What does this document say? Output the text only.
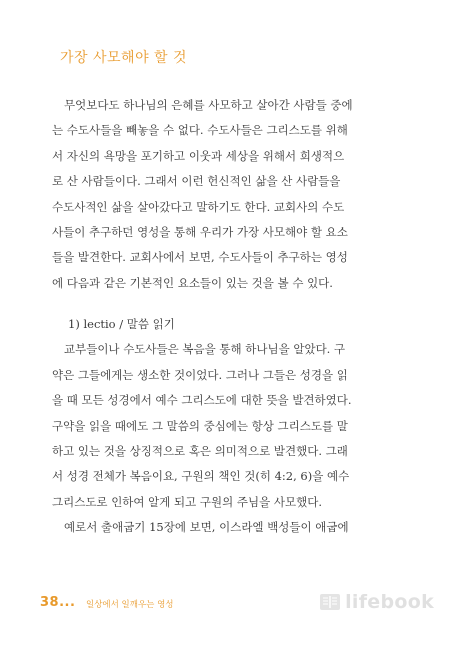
가장 사모해야 할 것
무엇보다도 하나님의 은혜를 사모하고 살아간 사람들 중에
는 수도사들을 빼놓을 수 없다. 수도사들은 그리스도를 위해
서 자신의 욕망을 포기하고 이웃과 세상을 위해서 희생적으
로 산 사람들이다. 그래서 이런 헌신적인 삶을 산 사람들을
수도사적인 삶을 살아갔다고 말하기도 한다. 교회사의 수도
사들이 추구하던 영성을 통해 우리가 가장 사모해야 할 요소
들을 발견한다. 교회사에서 보면, 수도사들이 추구하는 영성
에 다음과 같은 기본적인 요소들이 있는 것을 볼 수 있다.
1) lectio / 말씀 읽기
교부들이나 수도사들은 복음을 통해 하나님을 알았다. 구
약은 그들에게는 생소한 것이었다. 그러나 그들은 성경을 읽
을 때 모든 성경에서 예수 그리스도에 대한 뜻을 발견하였다.
구약을 읽을 때에도 그 말씀의 중심에는 항상 그리스도를 말
하고 있는 것을 상징적으로 혹은 의미적으로 발견했다. 그래
서 성경 전체가 복음이요, 구원의 책인 것(히 4:2, 6)을 예수
그리스도로 인하여 알게 되고 구원의 주님을 사모했다.
예로서 출애굽기 15장에 보면, 이스라엘 백성들이 애굽에
38... 일상에서 일깨우는 영성	lifebook
